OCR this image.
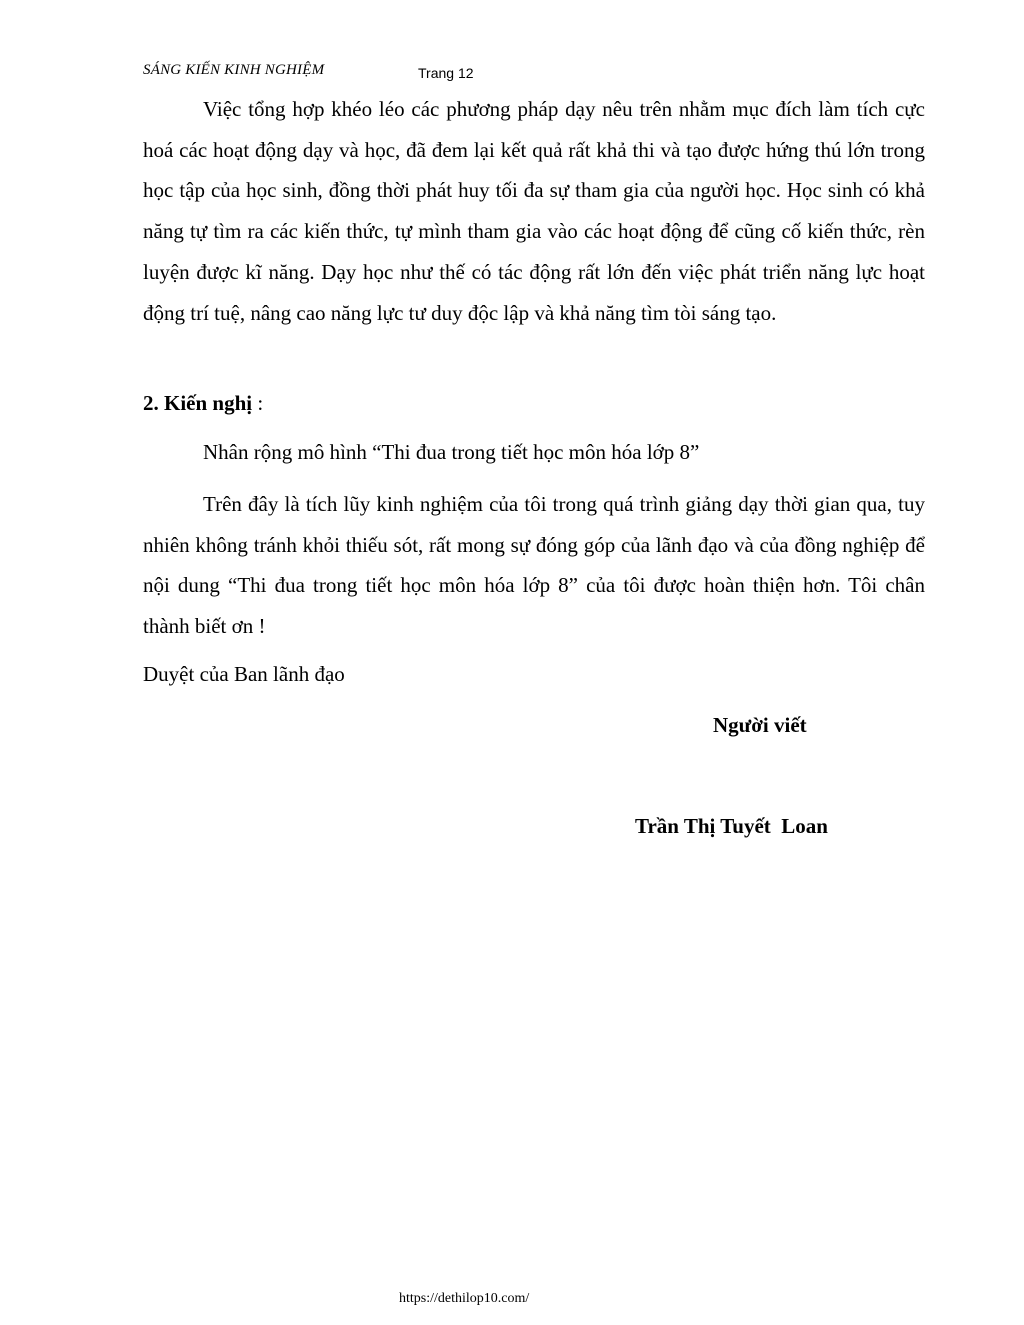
SÁNG KIẾN KINH NGHIỆM	Trang 12

Việc tổng hợp khéo léo các phương pháp dạy nêu trên nhằm mục đích làm tích cực hoá các hoạt động dạy và học, đã đem lại kết quả rất khả thi và tạo được hứng thú lớn trong học tập của học sinh, đồng thời phát huy tối đa sự tham gia của người học. Học sinh có khả năng tự tìm ra các kiến thức, tự mình tham gia vào các hoạt động để cũng cố kiến thức, rèn luyện được kĩ năng. Dạy học như thế có tác động rất lớn đến việc phát triển năng lực hoạt động trí tuệ, nâng cao năng lực tư duy độc lập và khả năng tìm tòi sáng tạo.

2. Kiến nghị :

Nhân rộng mô hình “Thi đua trong tiết học môn hóa lớp 8”

Trên đây là tích lũy kinh nghiệm của tôi trong quá trình giảng dạy thời gian qua, tuy nhiên không tránh khỏi thiếu sót, rất mong sự đóng góp của lãnh đạo và của đồng nghiệp để nội dung “Thi đua trong tiết học môn hóa lớp 8” của tôi được hoàn thiện hơn. Tôi chân thành biết ơn !

Duyệt của Ban lãnh đạo

Người viết
Trần Thị Tuyết  Loan
https://dethilop10.com/
